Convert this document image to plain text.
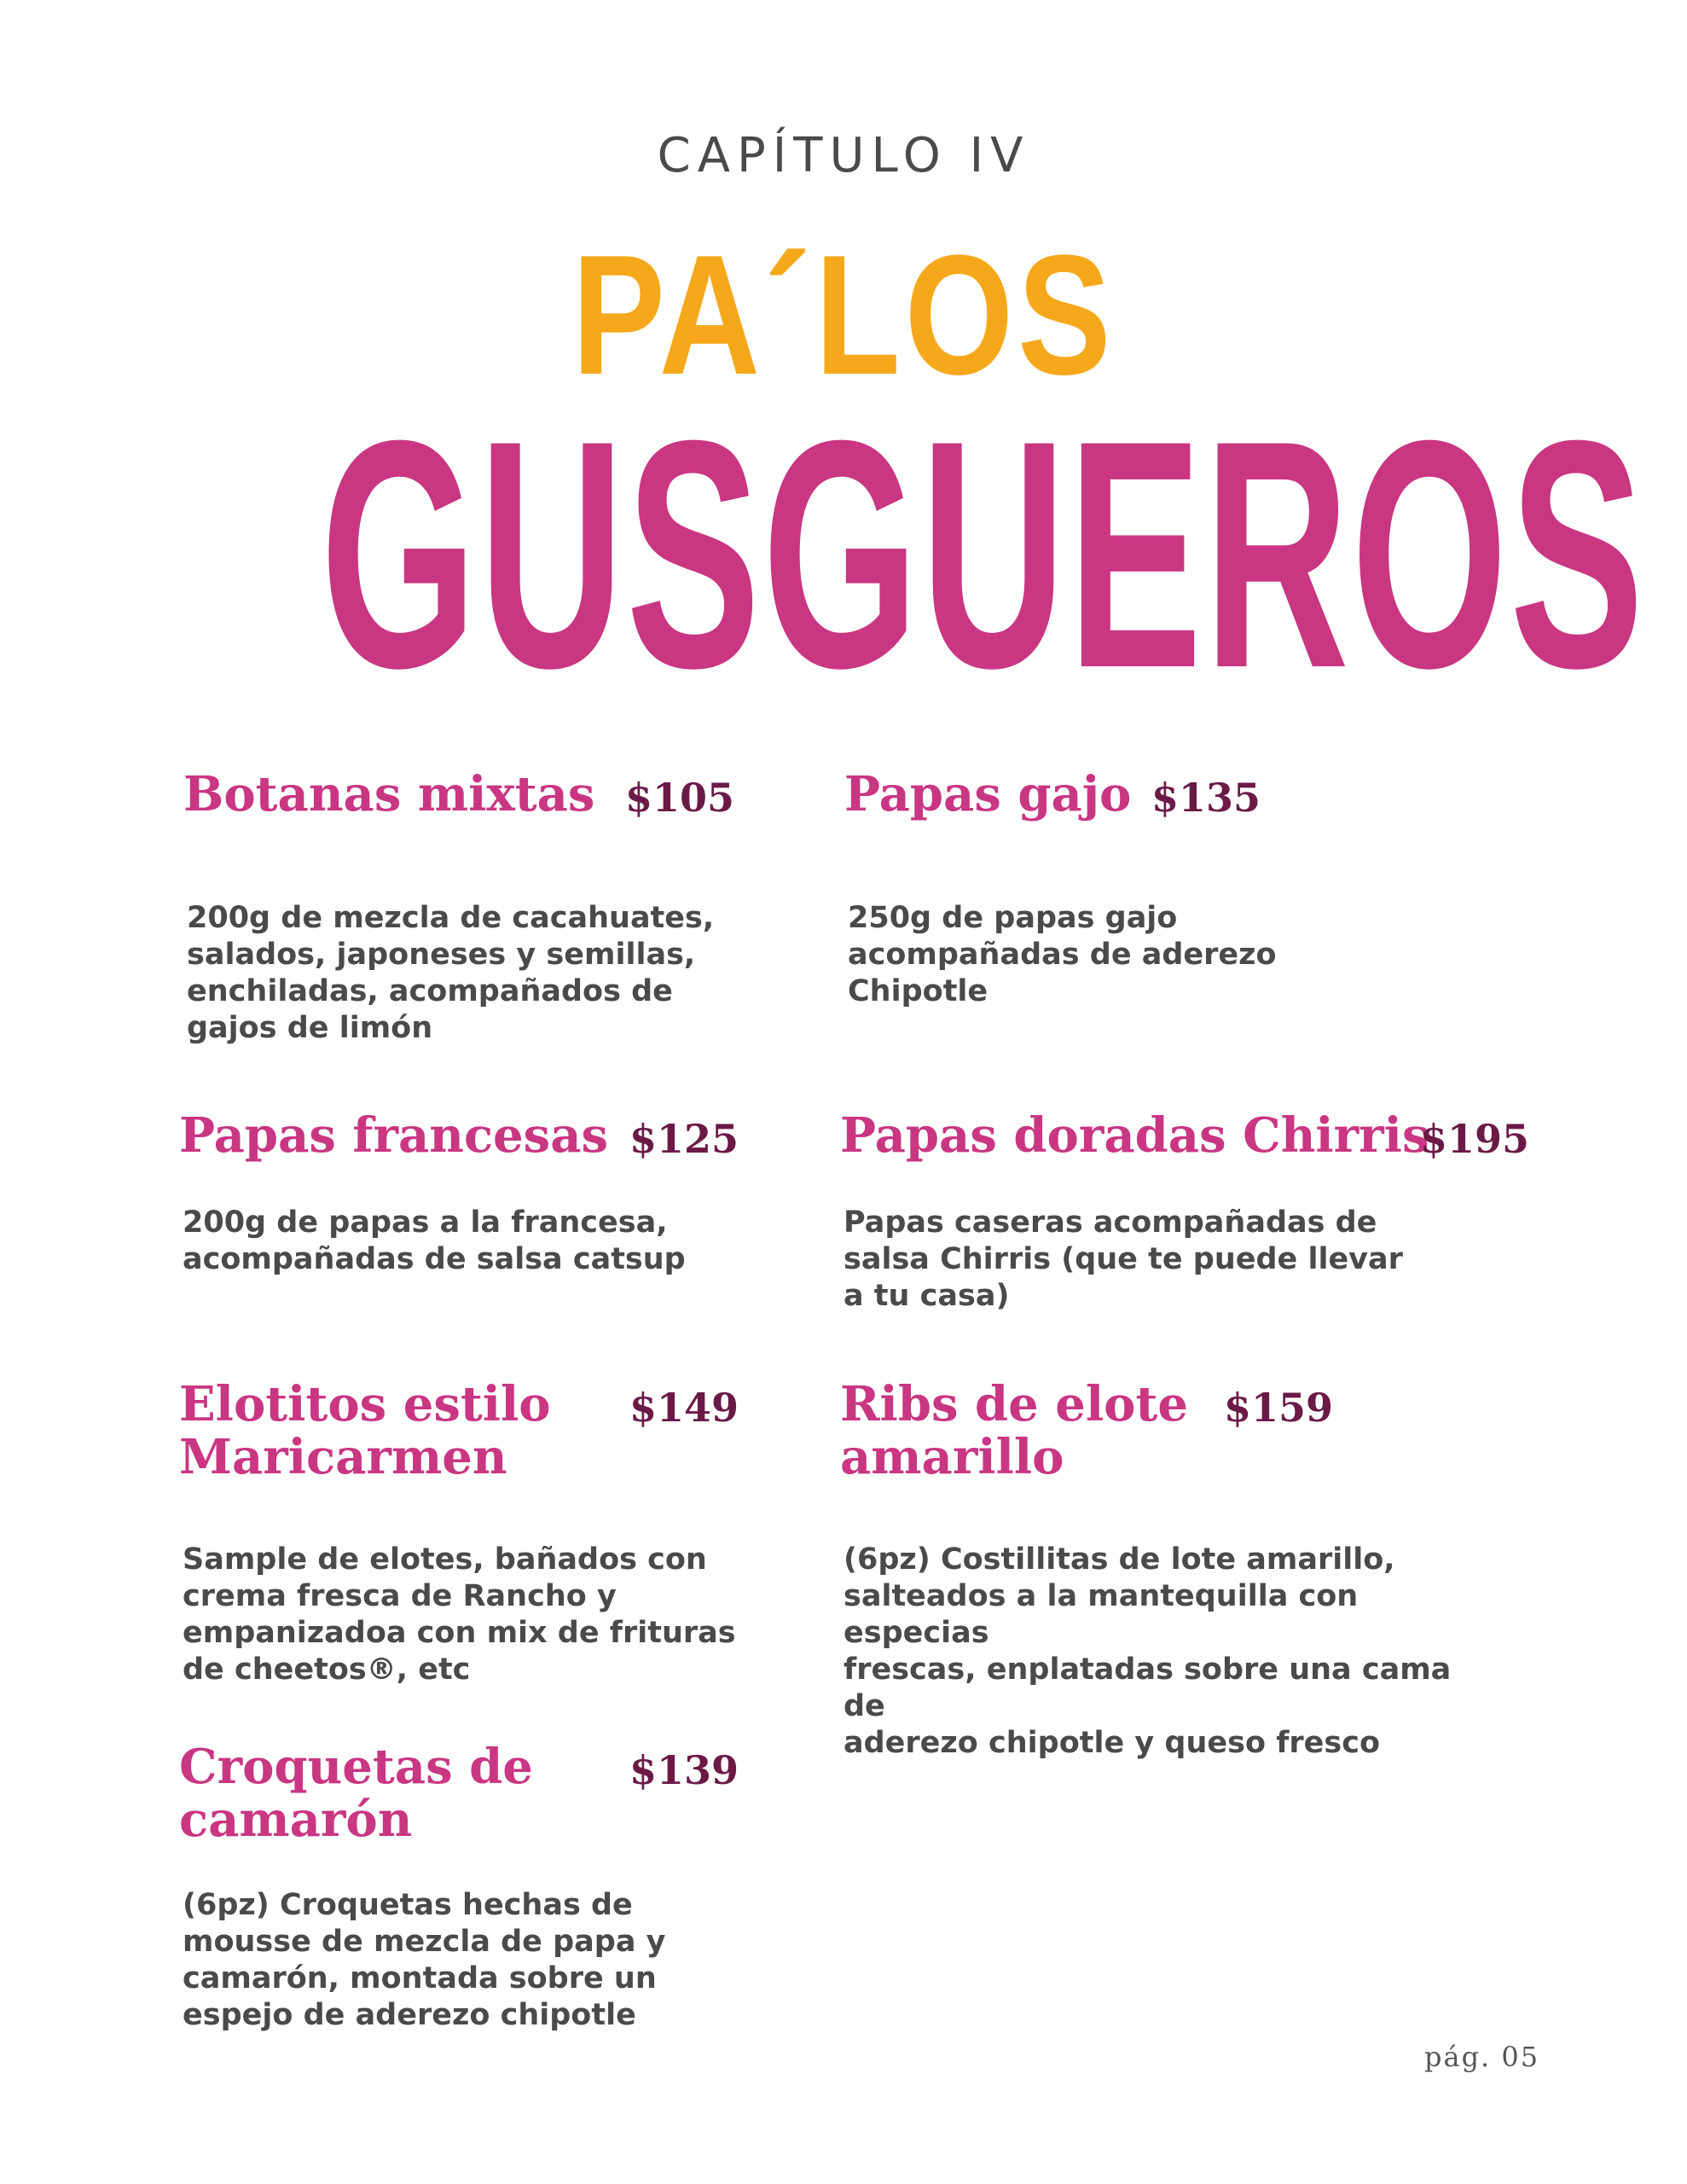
CAPÍTULO IV
PA´LOS
GUSGUEROS
Botanas mixtas $105
200g de mezcla de cacahuates,
salados, japoneses y semillas,
enchiladas, acompañados de
gajos de limón
Papas gajo $135
250g de papas gajo
acompañadas de aderezo
Chipotle
Papas francesas $125
200g de papas a la francesa,
acompañadas de salsa catsup
Papas doradas Chirris
$195
Papas caseras acompañadas de
salsa Chirris (que te puede llevar
a tu casa)
Elotitos estilo
Maricarmen
$149
Sample de elotes, bañados con
crema fresca de Rancho y
empanizadoa con mix de frituras
de cheetos®, etc
Ribs de elote
amarillo
$159
(6pz) Costillitas de lote amarillo,
salteados a la mantequilla con especias
frescas, enplatadas sobre una cama de
aderezo chipotle y queso fresco
Croquetas de
camarón
$139
(6pz) Croquetas hechas de
mousse de mezcla de papa y
camarón, montada sobre un
espejo de aderezo chipotle
pág. 05
